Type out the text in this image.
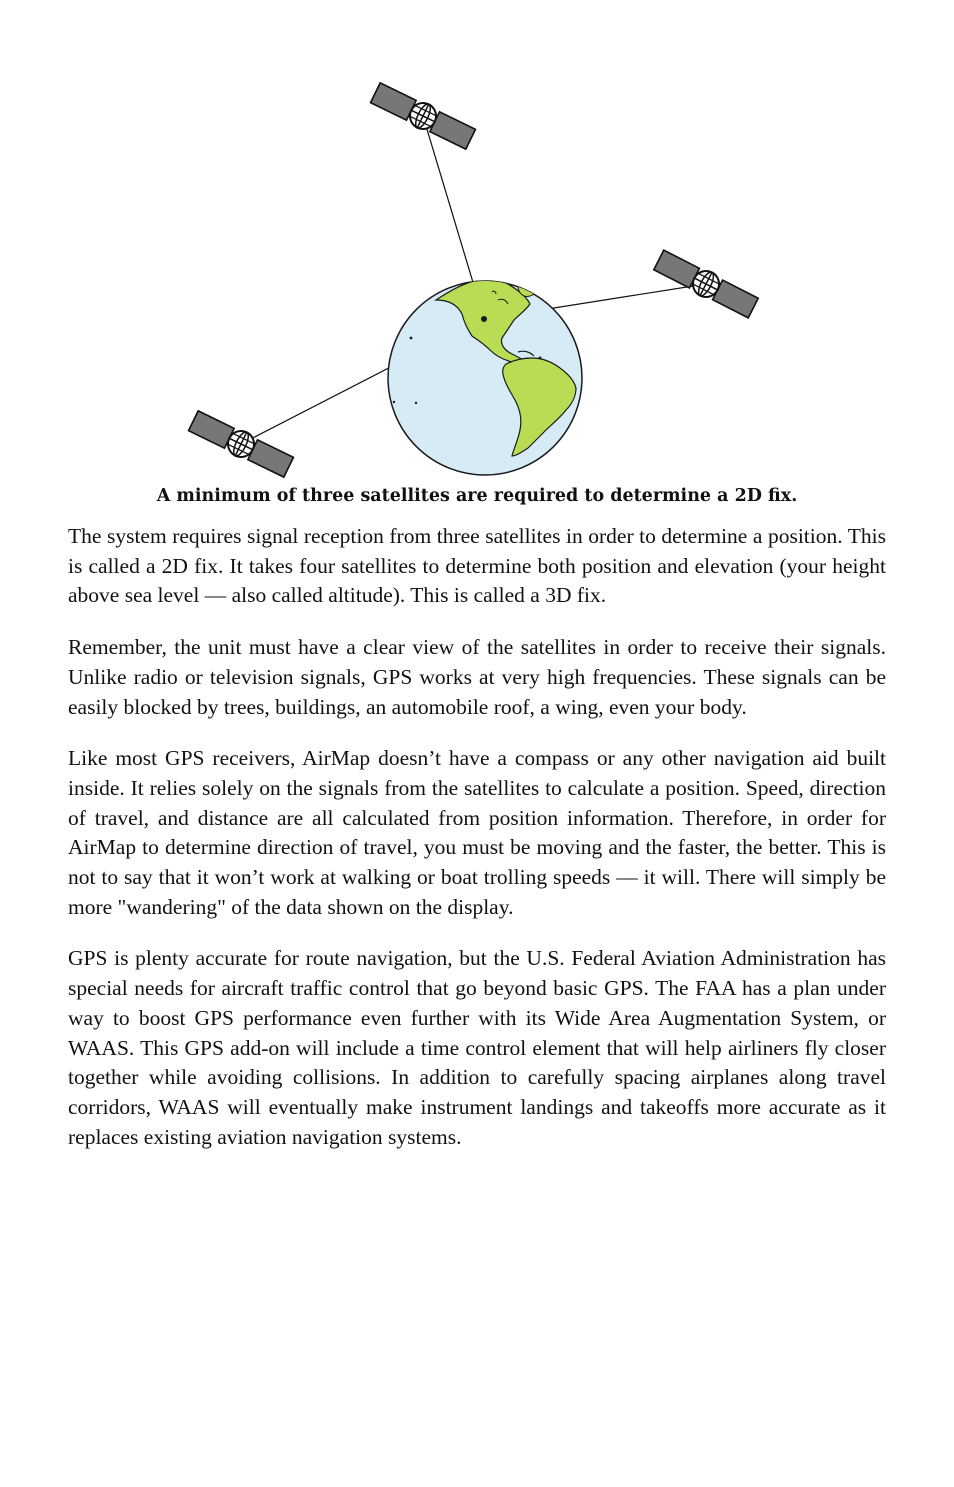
A minimum of three satellites are required to determine a 2D fix.

The system requires signal reception from three satellites in order to determine a position. This is called a 2D fix. It takes four satellites to determine both position and elevation (your height above sea level — also called altitude). This is called a 3D fix.

Remember, the unit must have a clear view of the satellites in order to receive their signals. Unlike radio or television signals, GPS works at very high frequencies. These signals can be easily blocked by trees, buildings, an automobile roof, a wing, even your body.

Like most GPS receivers, AirMap doesn’t have a compass or any other navigation aid built inside. It relies solely on the signals from the satellites to calculate a position. Speed, direction of travel, and distance are all calculated from position information. Therefore, in order for AirMap to determine direction of travel, you must be moving and the faster, the better. This is not to say that it won’t work at walking or boat trolling speeds — it will. There will simply be more "wandering" of the data shown on the display.

GPS is plenty accurate for route navigation, but the U.S. Federal Aviation Administration has special needs for aircraft traffic control that go beyond basic GPS. The FAA has a plan under way to boost GPS performance even further with its Wide Area Augmentation System, or WAAS. This GPS add-on will include a time control element that will help airliners fly closer together while avoiding collisions. In addition to carefully spacing airplanes along travel corridors, WAAS will eventually make instrument landings and takeoffs more accurate as it replaces existing aviation navigation systems.
